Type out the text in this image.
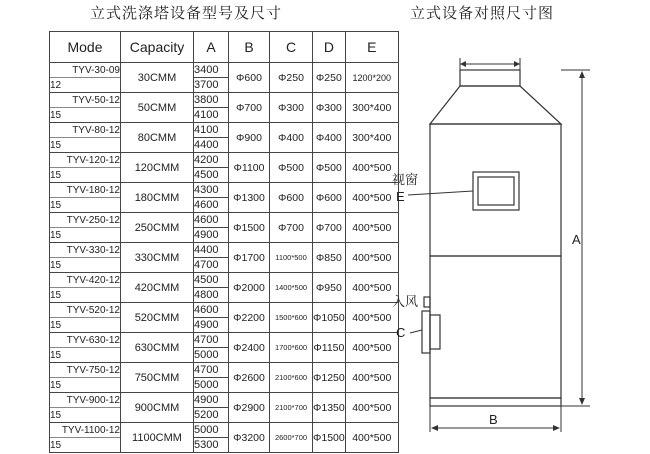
立式洗涤塔设备型号及尺寸	立式设备对照尺寸图
Mode	Capacity	A	B	C	D	E
TYV-30-09	30CMM	3400	Φ600	Φ250	Φ250	1200*200
12		3700				
TYV-50-12	50CMM	3800	Φ700	Φ300	Φ300	300*400
15		4100				
TYV-80-12	80CMM	4100	Φ900	Φ400	Φ400	300*400
15		4400				
TYV-120-12	120CMM	4200	Φ1100	Φ500	Φ500	400*500
15		4500				
TYV-180-12	180CMM	4300	Φ1300	Φ600	Φ600	400*500
15		4600				
TYV-250-12	250CMM	4600	Φ1500	Φ700	Φ700	400*500
15		4900				
TYV-330-12	330CMM	4400	Φ1700	1100*500	Φ850	400*500
15		4700				
TYV-420-12	420CMM	4500	Φ2000	1400*500	Φ950	400*500
15		4800				
TYV-520-12	520CMM	4600	Φ2200	1500*600	Φ1050	400*500
15		4900				
TYV-630-12	630CMM	4700	Φ2400	1700*600	Φ1150	400*500
15		5000				
TYV-750-12	750CMM	4700	Φ2600	2100*600	Φ1250	400*500
15		5000				
TYV-900-12	900CMM	4900	Φ2900	2100*700	Φ1350	400*500
15		5200				
TYV-1100-12	1100CMM	5000	Φ3200	2600*700	Φ1500	400*500
15		5300				
视窗
E
入风
C
A
B
